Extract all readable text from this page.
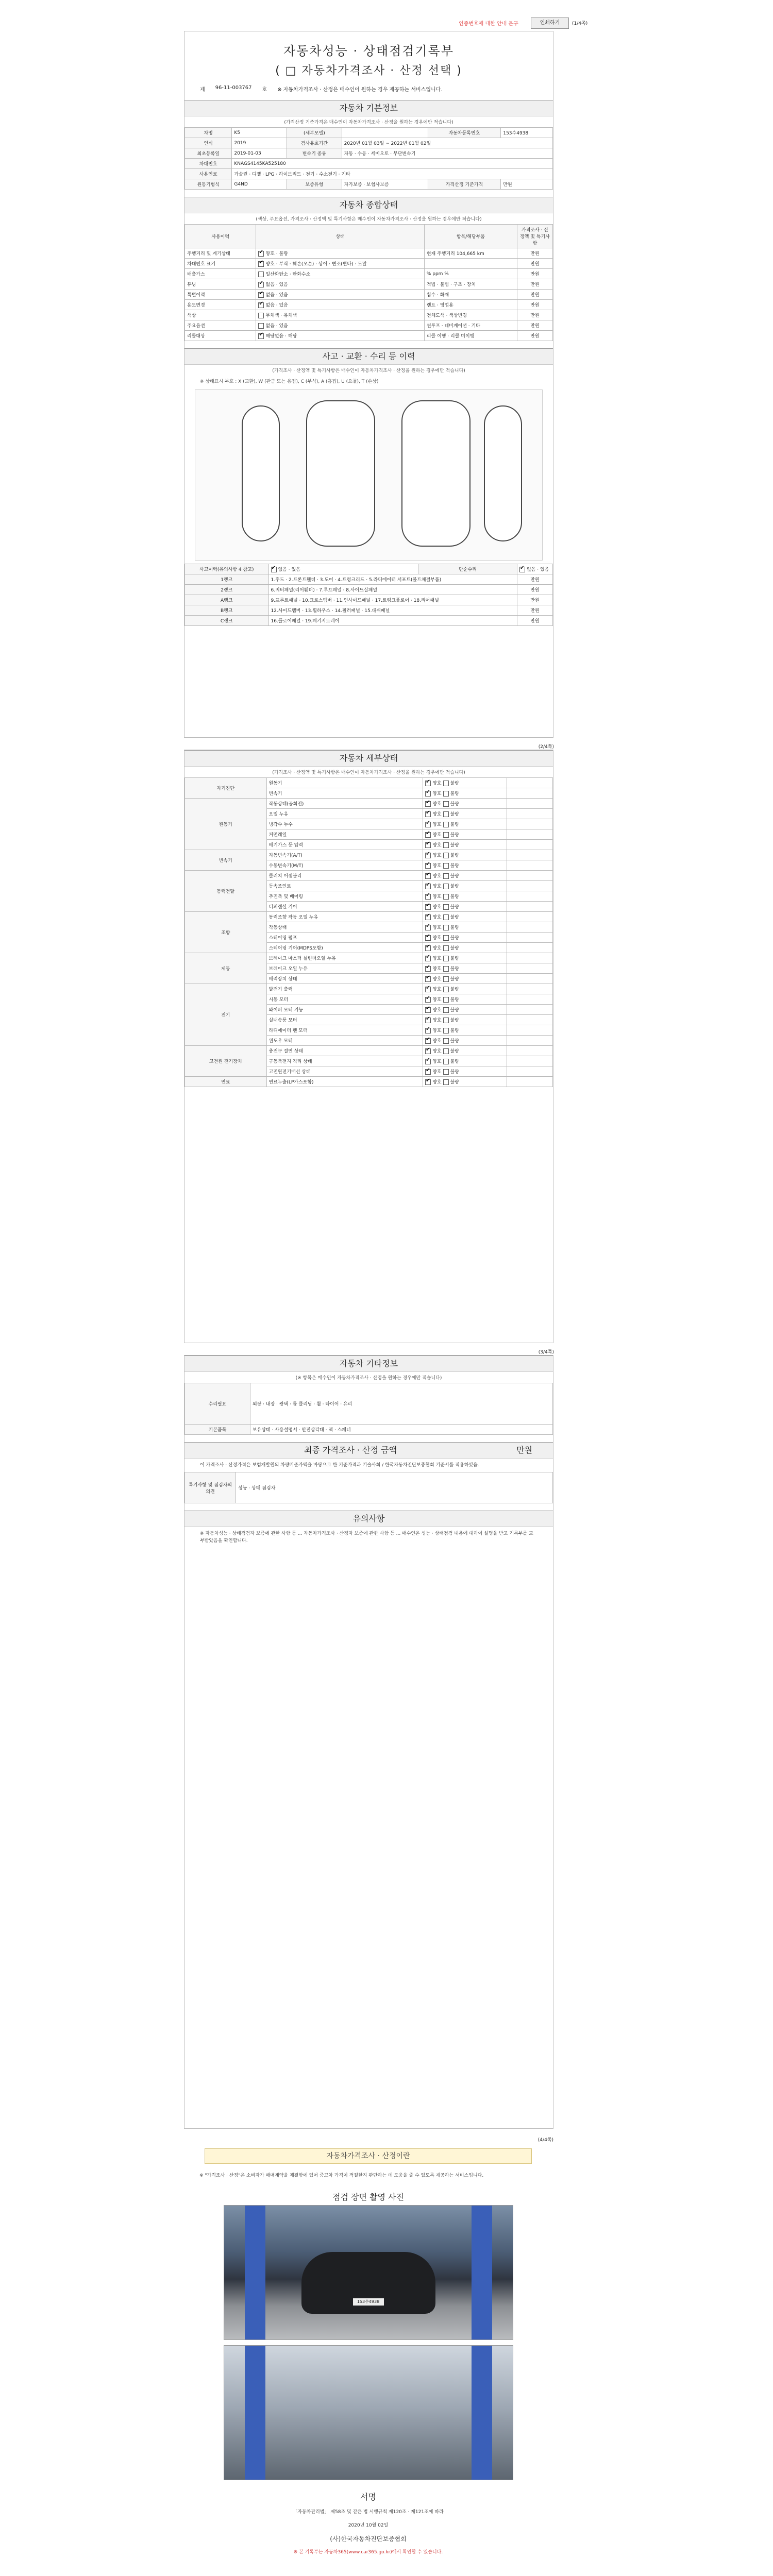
인증번호에 대한 안내 문구	인쇄하기	(1/4쪽)
자동차성능 · 상태점검기록부
( □ 자동차가격조사 · 산정 선택 )
제 96-11-003767 호 ※ 자동차가격조사 · 산정은 매수인이 원하는 경우 제공하는 서비스입니다.
자동차 기본정보
(가격산정 기준가격은 매수인이 자동차가격조사 · 산정을 원하는 경우에만 적습니다)
차명	K5	(세부모델)		자동차등록번호	153수4938
연식	2019	검사유효기간	2020년 01월 03일 ~ 2022년 01월 02일		
최초등록일	2019-01-03	변속기 종류	자동 · 수동 · 세미오토 · 무단변속기		
차대번호	KNAGS4145KA525180				
사용연료	가솔린 · 디젤 · LPG · 하이브리드 · 전기 · 수소전기 · 기타				
원동기형식	G4ND	보증유형	자가보증 · 보험사보증	가격산정 기준가격	만원
자동차 종합상태
(색상, 주요옵션, 가격조사 · 산정액 및 특기사항은 매수인이 자동차가격조사 · 산정을 원하는 경우에만 적습니다)
사용이력	상태	항목/해당부품	가격조사 · 산정액 및 특기사항
주행거리 및 계기상태	✔양호 · 불량	현재 주행거리 104,665 km	만원
차대번호 표기	✔양호 · 부식 · 훼손(오손) · 상이 · 변조(변타) · 도말		만원
배출가스	일산화탄소 · 탄화수소	% ppm %	만원
튜닝	✔없음 · 있음	적법 · 불법 · 구조 · 장치	만원
특별이력	✔없음 · 있음	침수 · 화재	만원
용도변경	✔없음 · 있음	렌트 · 영업용	만원
색상	무채색 · 유채색	전체도색 · 색상변경	만원
주요옵션	없음 · 있음	썬루프 · 네비게이션 · 기타	만원
리콜대상	✔해당없음 · 해당	리콜 이행 · 리콜 미이행	만원
사고 · 교환 · 수리 등 이력
(가격조사 · 산정액 및 특기사항은 매수인이 자동차가격조사 · 산정을 원하는 경우에만 적습니다)
※ 상태표시 부호 : X (교환), W (판금 또는 용접), C (부식), A (흠집), U (요철), T (손상)
사고이력(유의사항 4 참고)	✔없음 · 있음	단순수리	✔없음 · 있음
1랭크	1.후드 · 2.프론트휀더 · 3.도어 · 4.트렁크리드 · 5.라디에이터 서포트(볼트체결부품)		만원
2랭크	6.쿼터패널(리어휀더) · 7.루프패널 · 8.사이드실패널		만원
A랭크	9.프론트패널 · 10.크로스멤버 · 11.인사이드패널 · 17.트렁크플로어 · 18.리어패널		만원
B랭크	12.사이드멤버 · 13.휠하우스 · 14.필러패널 · 15.대쉬패널		만원
C랭크	16.플로어패널 · 19.패키지트레이		만원
(2/4쪽)
자동차 세부상태
(가격조사 · 산정액 및 특기사항은 매수인이 자동차가격조사 · 산정을 원하는 경우에만 적습니다)
자기진단	원동기	✔양호 불량	
	변속기	✔양호 불량	
원동기	작동상태(공회전)	✔양호 불량	
	오일 누유	✔양호 불량	
	냉각수 누수	✔양호 불량	
	커먼레일	✔양호 불량	
	배기가스 등 압력	✔양호 불량	
변속기	자동변속기(A/T)	✔양호 불량	
	수동변속기(M/T)	✔양호 불량	
동력전달	클러치 어셈블리	✔양호 불량	
	등속조인트	✔양호 불량	
	추진축 및 베어링	✔양호 불량	
	디퍼렌셜 기어	✔양호 불량	
조향	동력조향 작동 오일 누유	✔양호 불량	
	작동상태	✔양호 불량	
	스티어링 펌프	✔양호 불량	
	스티어링 기어(MDPS포함)	✔양호 불량	
제동	브레이크 마스터 실린더오일 누유	✔양호 불량	
	브레이크 오일 누유	✔양호 불량	
	배력장치 상태	✔양호 불량	
전기	발전기 출력	✔양호 불량	
	시동 모터	✔양호 불량	
	와이퍼 모터 기능	✔양호 불량	
	실내송풍 모터	✔양호 불량	
	라디에이터 팬 모터	✔양호 불량	
	윈도우 모터	✔양호 불량	
고전원 전기장치	충전구 절연 상태	✔양호 불량	
	구동축전지 격리 상태	✔양호 불량	
	고전원전기배선 상태	✔양호 불량	
연료	연료누출(LP가스포함)	✔양호 불량	
(3/4쪽)
자동차 기타정보
(※ 항목은 매수인이 자동차가격조사 · 산정을 원하는 경우에만 적습니다)
수리필요	외장 · 내장 · 광택 · 룸 클리닝 · 휠 · 타이어 · 유리
기본품목	보유상태 · 사용설명서 · 안전삼각대 · 잭 · 스패너
최종 가격조사 · 산정 금액	만원
이 가격조사 · 산정가격은 보험개발원의 차량기준가액을 바탕으로 한 기준가격과 기술사회 / 한국자동차진단보증협회 기준서를 적용하였음.
특기사항 및 점검자의 의견	성능 · 상태 점검자
유의사항
※ 자동차성능 · 상태점검자 보증에 관한 사항 등 ... 자동차가격조사 · 산정자 보증에 관한 사항 등 ... 매수인은 성능 · 상태점검 내용에 대하여 설명을 받고 기록부를 교부받았음을 확인합니다.
(4/4쪽)
자동차가격조사 · 산정이란
※ "가격조사 · 산정"은 소비자가 매매계약을 체결함에 있어 중고차 가격이 적절한지 판단하는 데 도움을 줄 수 있도록 제공하는 서비스입니다.
점검 장면 촬영 사진
153수4938
서명
「자동차관리법」 제58조 및 같은 법 시행규칙 제120조 · 제121조에 따라
2020년 10월 02일
(사)한국자동차진단보증협회
※ 본 기록부는 자동차365(www.car365.go.kr)에서 확인할 수 있습니다.
